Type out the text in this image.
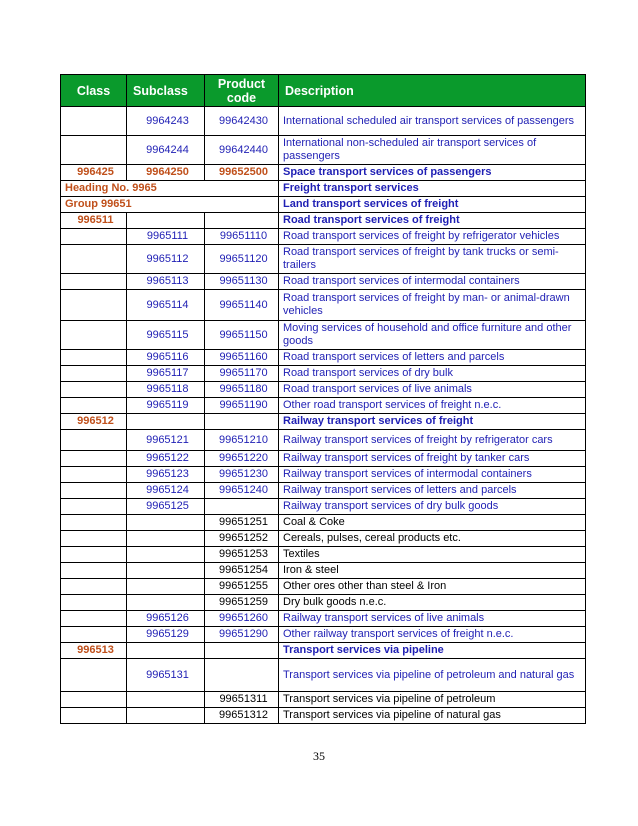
Class	Subclass	Product code	Description
	9964243	99642430	International scheduled air transport services of passengers
	9964244	99642440	International non-scheduled air transport services of passengers
996425	9964250	99652500	Space transport services of passengers
Heading No. 9965			Freight transport services
Group 99651			Land transport services of freight
996511			Road transport services of freight
	9965111	99651110	Road transport services of freight by refrigerator vehicles
	9965112	99651120	Road transport services of freight by tank trucks or semi-trailers
	9965113	99651130	Road transport services of intermodal containers
	9965114	99651140	Road transport services of freight by man- or animal-drawn vehicles
	9965115	99651150	Moving services of household and office furniture and other goods
	9965116	99651160	Road transport services of letters and parcels
	9965117	99651170	Road transport services of dry bulk
	9965118	99651180	Road transport services of live animals
	9965119	99651190	Other road transport services of freight n.e.c.
996512			Railway transport services of freight
	9965121	99651210	Railway transport services of freight by refrigerator cars
	9965122	99651220	Railway transport services of freight by tanker cars
	9965123	99651230	Railway transport services of intermodal containers
	9965124	99651240	Railway transport services of letters and parcels
	9965125		Railway transport services of dry bulk goods
		99651251	Coal & Coke
		99651252	Cereals, pulses, cereal products etc.
		99651253	Textiles
		99651254	Iron & steel
		99651255	Other ores other than steel & Iron
		99651259	Dry bulk goods n.e.c.
	9965126	99651260	Railway transport services of live animals
	9965129	99651290	Other railway transport services of freight n.e.c.
996513			Transport services via pipeline
	9965131		Transport services via pipeline of petroleum and natural gas
		99651311	Transport services via pipeline of petroleum
		99651312	Transport services via pipeline of natural gas
35
